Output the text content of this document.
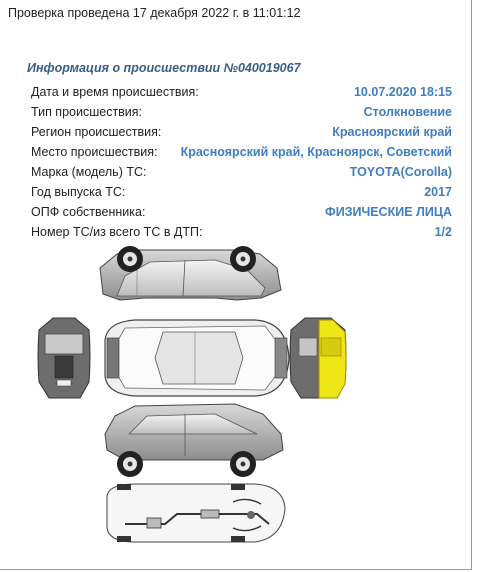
Проверка проведена 17 декабря 2022 г. в 11:01:12
Информация о происшествии №040019067
Дата и время происшествия:	10.07.2020 18:15
Тип происшествия:	Столкновение
Регион происшествия:	Красноярский край
Место происшествия: Красноярский край, Красноярск, Советский
Марка (модель) ТС:	TOYOTA(Corolla)
Год выпуска ТС:	2017
ОПФ собственника:	ФИЗИЧЕСКИЕ ЛИЦА
Номер ТС/из всего ТС в ДТП:	1/2
